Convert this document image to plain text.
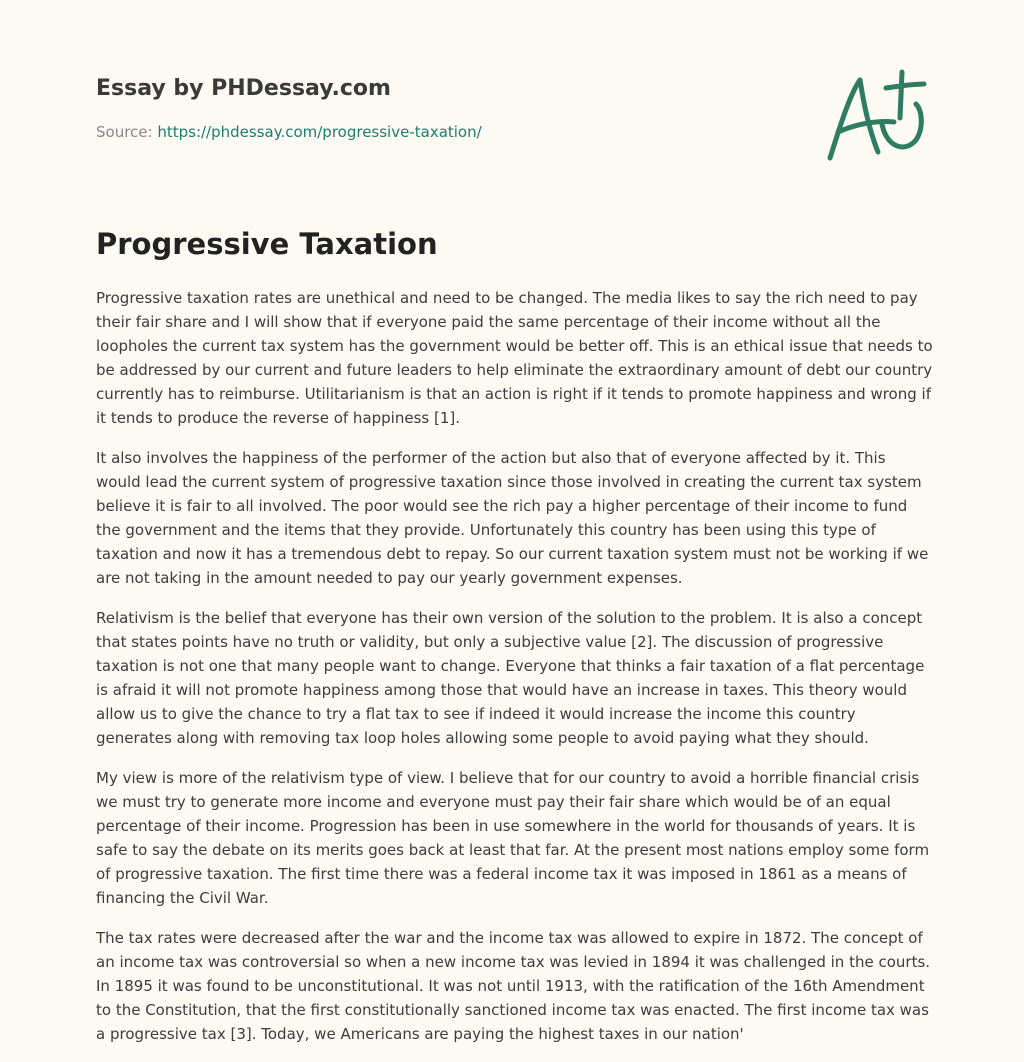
Essay by PHDessay.com
Source: https://phdessay.com/progressive-taxation/
Progressive Taxation

Progressive taxation rates are unethical and need to be changed. The media likes to say the rich need to pay their fair share and I will show that if everyone paid the same percentage of their income without all the loopholes the current tax system has the government would be better off. This is an ethical issue that needs to be addressed by our current and future leaders to help eliminate the extraordinary amount of debt our country currently has to reimburse. Utilitarianism is that an action is right if it tends to promote happiness and wrong if it tends to produce the reverse of happiness [1].

It also involves the happiness of the performer of the action but also that of everyone affected by it. This would lead the current system of progressive taxation since those involved in creating the current tax system believe it is fair to all involved. The poor would see the rich pay a higher percentage of their income to fund the government and the items that they provide. Unfortunately this country has been using this type of taxation and now it has a tremendous debt to repay. So our current taxation system must not be working if we are not taking in the amount needed to pay our yearly government expenses.

Relativism is the belief that everyone has their own version of the solution to the problem. It is also a concept that states points have no truth or validity, but only a subjective value [2]. The discussion of progressive taxation is not one that many people want to change. Everyone that thinks a fair taxation of a flat percentage is afraid it will not promote happiness among those that would have an increase in taxes. This theory would allow us to give the chance to try a flat tax to see if indeed it would increase the income this country generates along with removing tax loop holes allowing some people to avoid paying what they should.

My view is more of the relativism type of view. I believe that for our country to avoid a horrible financial crisis we must try to generate more income and everyone must pay their fair share which would be of an equal percentage of their income. Progression has been in use somewhere in the world for thousands of years. It is safe to say the debate on its merits goes back at least that far. At the present most nations employ some form of progressive taxation. The first time there was a federal income tax it was imposed in 1861 as a means of financing the Civil War.

The tax rates were decreased after the war and the income tax was allowed to expire in 1872. The concept of an income tax was controversial so when a new income tax was levied in 1894 it was challenged in the courts. In 1895 it was found to be unconstitutional. It was not until 1913, with the ratification of the 16th Amendment to the Constitution, that the first constitutionally sanctioned income tax was enacted. The first income tax was a progressive tax [3]. Today, we Americans are paying the highest taxes in our nation'
